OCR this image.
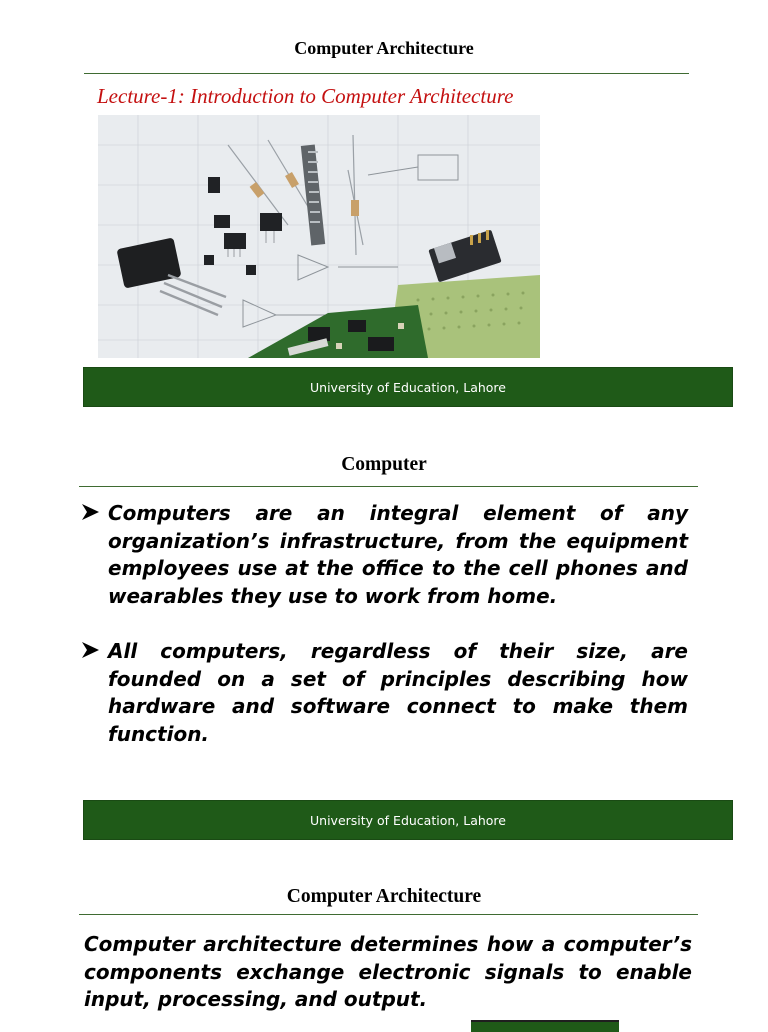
Computer Architecture
Lecture-1: Introduction to Computer Architecture
University of Education, Lahore
Computer
Computers are an integral element of any organization’s infrastructure, from the equipment employees use at the office to the cell phones and wearables they use to work from home.
All computers, regardless of their size, are founded on a set of principles describing how hardware and software connect to make them function.
University of Education, Lahore
Computer Architecture
Computer architecture determines how a computer’s components exchange electronic signals to enable input, processing, and output.
